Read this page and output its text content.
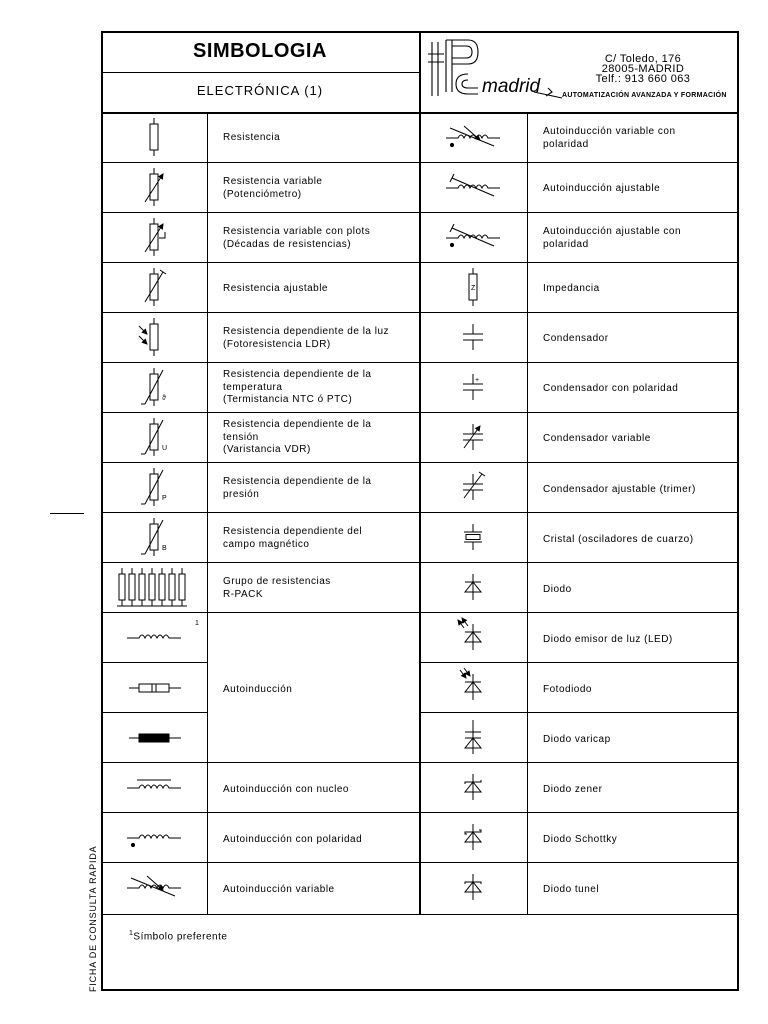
SIMBOLOGIA
ELECTRÓNICA (1)	madrid
C/ Toledo, 176
28005-MADRID
Telf.: 913 660 063
AUTOMATIZACIÓN AVANZADA Y FORMACIÓN
Resistencia
Resistencia variable
(Potenciómetro)
Resistencia variable con plots
(Décadas de resistencias)
Resistencia ajustable
Resistencia dependiente de la luz
(Fotoresistencia LDR)
Resistencia dependiente de la
temperatura
(Termistancia NTC ó PTC)
Resistencia dependiente de la
tensión
(Varistancia VDR)
Resistencia dependiente de la
presión
Resistencia dependiente del
campo magnético
Grupo de resistencias
R-PACK
Autoinducción
Autoinducción con nucleo
Autoinducción con polaridad
Autoinducción variable
1
Autoinducción variable con
polaridad
Autoinducción ajustable
Autoinducción ajustable con
polaridad
Impedancia
Condensador
Condensador con polaridad
Condensador variable
Condensador ajustable (trimer)
Cristal (osciladores de cuarzo)
Diodo
Diodo emisor de luz (LED)
Fotodiodo
Diodo varicap
Diodo zener
Diodo Schottky
Diodo tunel
ϑ
U
P
B
Z
+
$^1$Símbolo preferente
FICHA DE CONSULTA RAPIDA
